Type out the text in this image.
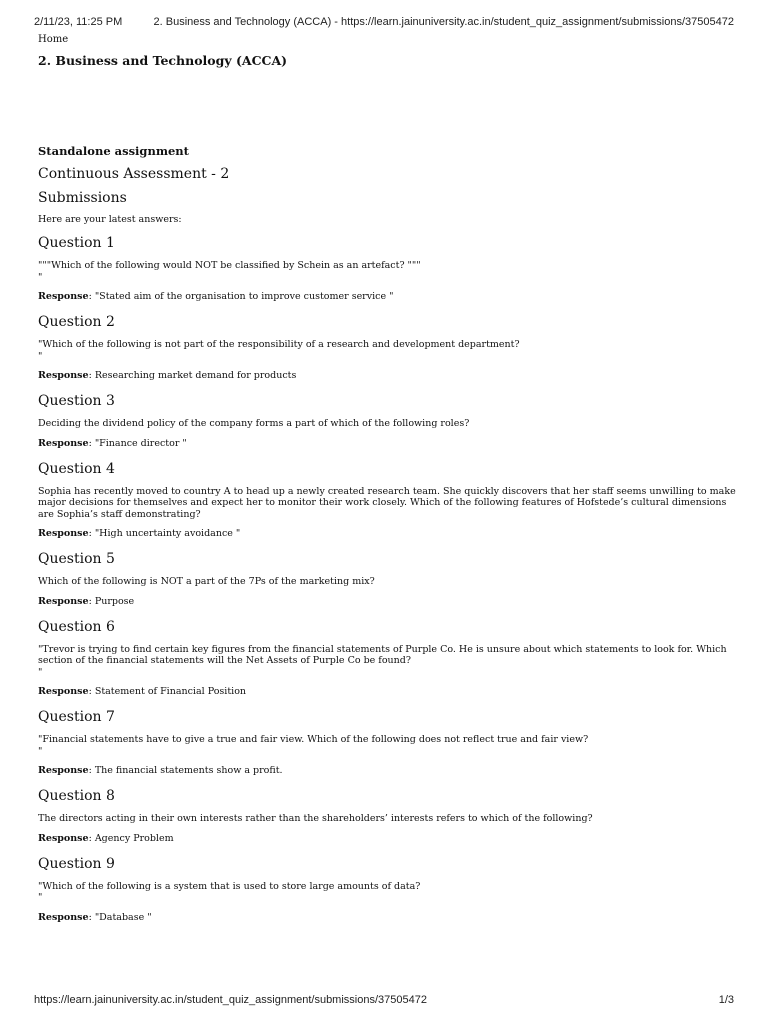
2/11/23, 11:25 PM	2. Business and Technology (ACCA) - https://learn.jainuniversity.ac.in/student_quiz_assignment/submissions/37505472
Home
2. Business and Technology (ACCA)
Standalone assignment
Continuous Assessment - 2
Submissions

Here are your latest answers:

Question 1

"""Which of the following would NOT be classified by Schein as an artefact? """
"

Response: "Stated aim of the organisation to improve customer service "

Question 2

"Which of the following is not part of the responsibility of a research and development department?
"

Response: Researching market demand for products

Question 3

Deciding the dividend policy of the company forms a part of which of the following roles?

Response: "Finance director "

Question 4

Sophia has recently moved to country A to head up a newly created research team. She quickly discovers that her staff seems unwilling to make major decisions for themselves and expect her to monitor their work closely. Which of the following features of Hofstede’s cultural dimensions are Sophia’s staff demonstrating?

Response: "High uncertainty avoidance "

Question 5

Which of the following is NOT a part of the 7Ps of the marketing mix?

Response: Purpose

Question 6

"Trevor is trying to find certain key figures from the financial statements of Purple Co. He is unsure about which statements to look for. Which section of the financial statements will the Net Assets of Purple Co be found?
"

Response: Statement of Financial Position

Question 7

"Financial statements have to give a true and fair view. Which of the following does not reflect true and fair view?
"

Response: The financial statements show a profit.

Question 8

The directors acting in their own interests rather than the shareholders’ interests refers to which of the following?

Response: Agency Problem

Question 9

"Which of the following is a system that is used to store large amounts of data?
"

Response: "Database "

https://learn.jainuniversity.ac.in/student_quiz_assignment/submissions/37505472	1/3
